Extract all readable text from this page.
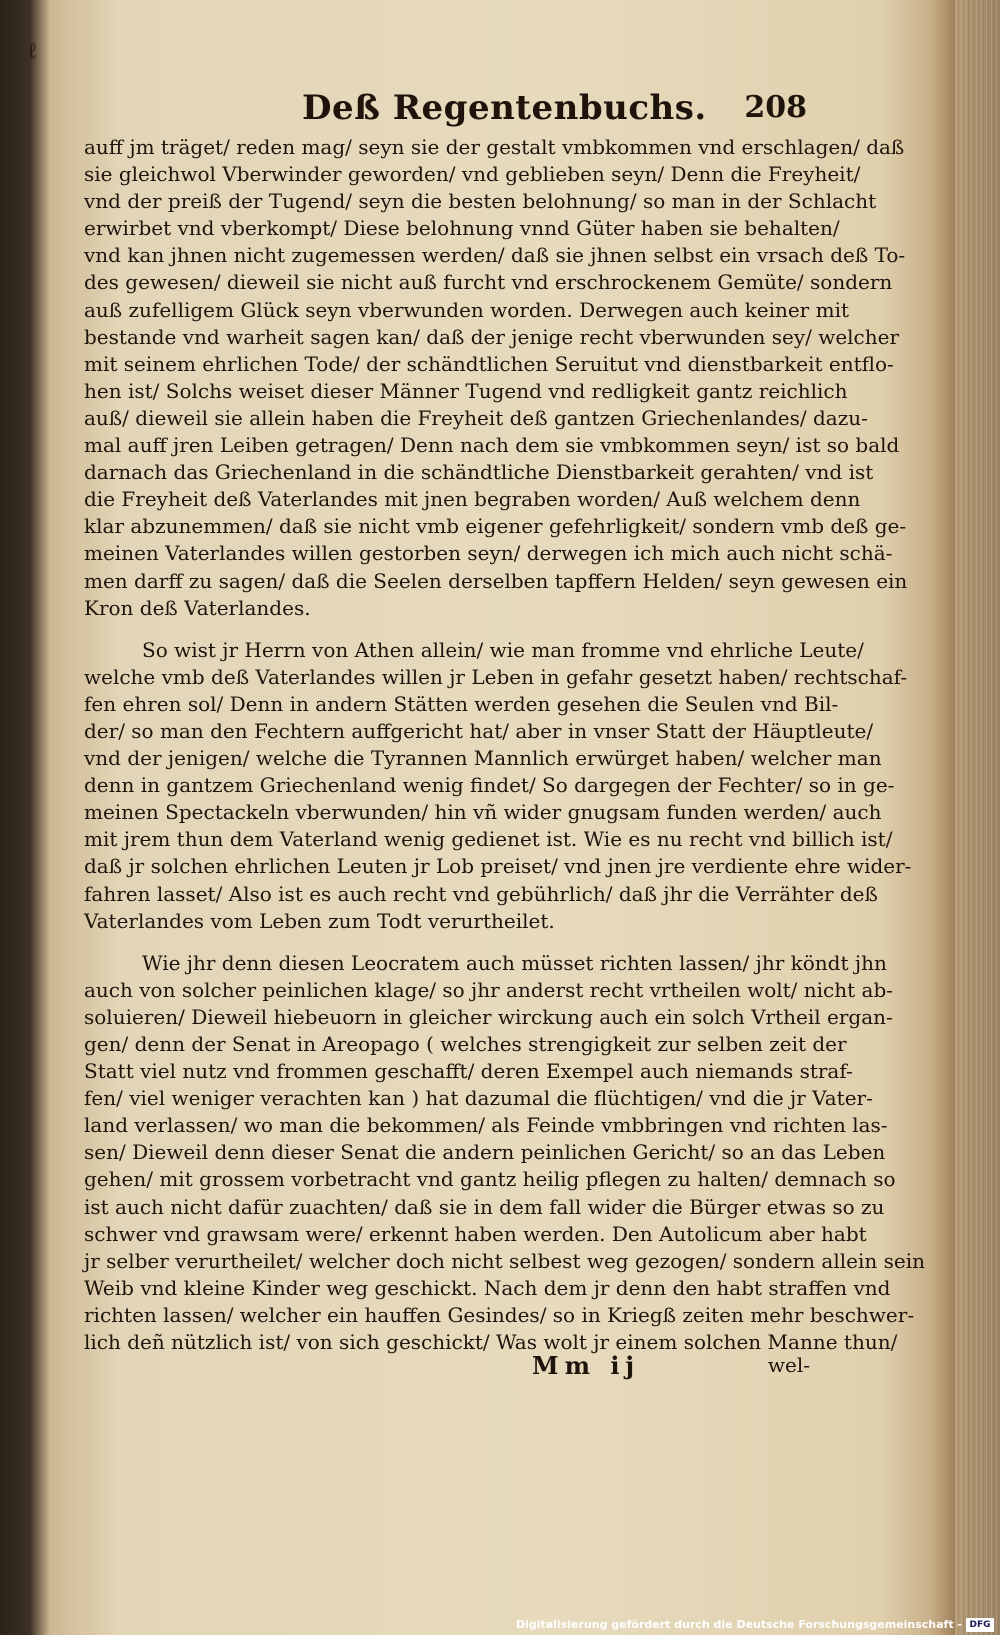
ℓ
Deß Regentenbuchs. 208
auff jm träget/ reden mag/ seyn sie der gestalt vmbkommen vnd erschlagen/ daß
sie gleichwol Vberwinder geworden/ vnd geblieben seyn/ Denn die Freyheit/
vnd der preiß der Tugend/ seyn die besten belohnung/ so man in der Schlacht
erwirbet vnd vberkompt/ Diese belohnung vnnd Güter haben sie behalten/
vnd kan jhnen nicht zugemessen werden/ daß sie jhnen selbst ein vrsach deß To-
des gewesen/ dieweil sie nicht auß furcht vnd erschrockenem Gemüte/ sondern
auß zufelligem Glück seyn vberwunden worden. Derwegen auch keiner mit
bestande vnd warheit sagen kan/ daß der jenige recht vberwunden sey/ welcher
mit seinem ehrlichen Tode/ der schändtlichen Seruitut vnd dienstbarkeit entflo-
hen ist/ Solchs weiset dieser Männer Tugend vnd redligkeit gantz reichlich
auß/ dieweil sie allein haben die Freyheit deß gantzen Griechenlandes/ dazu-
mal auff jren Leiben getragen/ Denn nach dem sie vmbkommen seyn/ ist so bald
darnach das Griechenland in die schändtliche Dienstbarkeit gerahten/ vnd ist
die Freyheit deß Vaterlandes mit jnen begraben worden/ Auß welchem denn
klar abzunemmen/ daß sie nicht vmb eigener gefehrligkeit/ sondern vmb deß ge-
meinen Vaterlandes willen gestorben seyn/ derwegen ich mich auch nicht schä-
men darff zu sagen/ daß die Seelen derselben tapffern Helden/ seyn gewesen ein
Kron deß Vaterlandes.
So wist jr Herrn von Athen allein/ wie man fromme vnd ehrliche Leute/
welche vmb deß Vaterlandes willen jr Leben in gefahr gesetzt haben/ rechtschaf-
fen ehren sol/ Denn in andern Stätten werden gesehen die Seulen vnd Bil-
der/ so man den Fechtern auffgericht hat/ aber in vnser Statt der Häuptleute/
vnd der jenigen/ welche die Tyrannen Mannlich erwürget haben/ welcher man
denn in gantzem Griechenland wenig findet/ So dargegen der Fechter/ so in ge-
meinen Spectackeln vberwunden/ hin vñ wider gnugsam funden werden/ auch
mit jrem thun dem Vaterland wenig gedienet ist. Wie es nu recht vnd billich ist/
daß jr solchen ehrlichen Leuten jr Lob preiset/ vnd jnen jre verdiente ehre wider-
fahren lasset/ Also ist es auch recht vnd gebührlich/ daß jhr die Verrähter deß
Vaterlandes vom Leben zum Todt verurtheilet.
Wie jhr denn diesen Leocratem auch müsset richten lassen/ jhr köndt jhn
auch von solcher peinlichen klage/ so jhr anderst recht vrtheilen wolt/ nicht ab-
soluieren/ Dieweil hiebeuorn in gleicher wirckung auch ein solch Vrtheil ergan-
gen/ denn der Senat in Areopago ( welches strengigkeit zur selben zeit der
Statt viel nutz vnd frommen geschafft/ deren Exempel auch niemands straf-
fen/ viel weniger verachten kan ) hat dazumal die flüchtigen/ vnd die jr Vater-
land verlassen/ wo man die bekommen/ als Feinde vmbbringen vnd richten las-
sen/ Dieweil denn dieser Senat die andern peinlichen Gericht/ so an das Leben
gehen/ mit grossem vorbetracht vnd gantz heilig pflegen zu halten/ demnach so
ist auch nicht dafür zuachten/ daß sie in dem fall wider die Bürger etwas so zu
schwer vnd grawsam were/ erkennt haben werden. Den Autolicum aber habt
jr selber verurtheilet/ welcher doch nicht selbest weg gezogen/ sondern allein sein
Weib vnd kleine Kinder weg geschickt. Nach dem jr denn den habt straffen vnd
richten lassen/ welcher ein hauffen Gesindes/ so in Kriegß zeiten mehr beschwer-
lich deñ nützlich ist/ von sich geschickt/ Was wolt jr einem solchen Manne thun/
Mm ij	wel-
Digitalisierung gefördert durch die Deutsche Forschungsgemeinschaft - DFG
